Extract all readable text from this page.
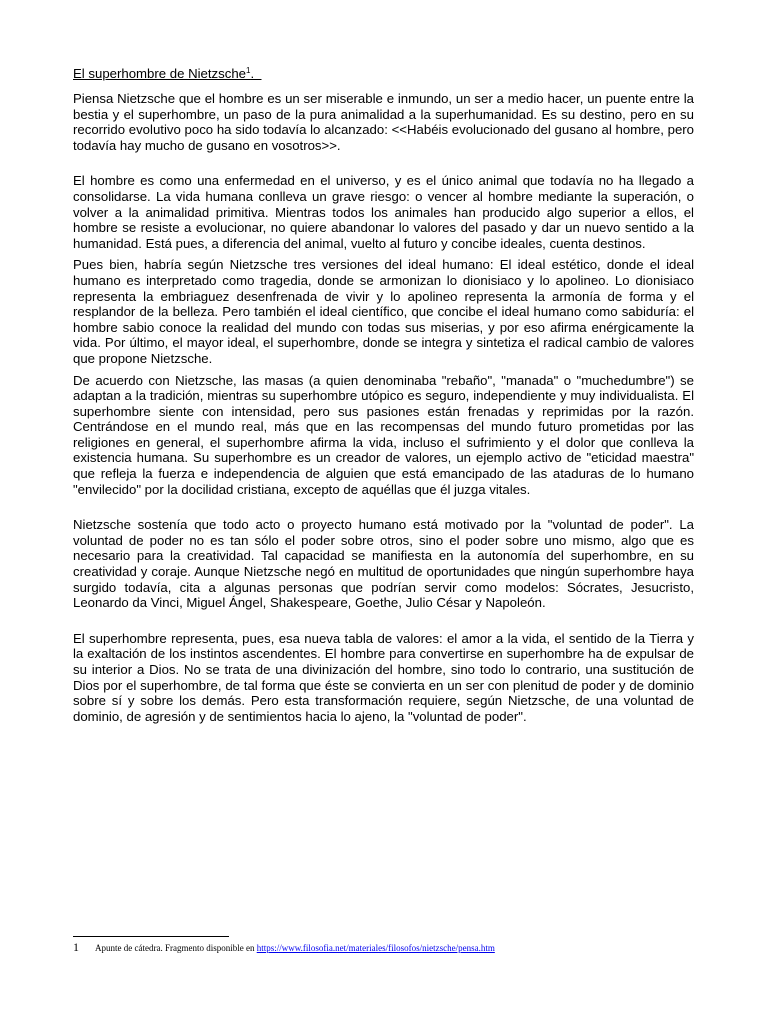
El superhombre de Nietzsche$^1$.

Piensa Nietzsche que el hombre es un ser miserable e inmundo, un ser a medio hacer, un puente entre la bestia y el superhombre, un paso de la pura animalidad a la superhumanidad. Es su destino, pero en su recorrido evolutivo poco ha sido todavía lo alcanzado: <<Habéis evolucionado del gusano al hombre, pero todavía hay mucho de gusano en vosotros>>.

El hombre es como una enfermedad en el universo, y es el único animal que todavía no ha llegado a consolidarse. La vida humana conlleva un grave riesgo: o vencer al hombre mediante la superación, o volver a la animalidad primitiva. Mientras todos los animales han producido algo superior a ellos, el hombre se resiste a evolucionar, no quiere abandonar lo valores del pasado y dar un nuevo sentido a la humanidad. Está pues, a diferencia del animal, vuelto al futuro y concibe ideales, cuenta destinos.

Pues bien, habría según Nietzsche tres versiones del ideal humano: El ideal estético, donde el ideal humano es interpretado como tragedia, donde se armonizan lo dionisiaco y lo apolineo. Lo dionisiaco representa la embriaguez desenfrenada de vivir y lo apolineo representa la armonía de forma y el resplandor de la belleza. Pero también el ideal científico, que concibe el ideal humano como sabiduría: el hombre sabio conoce la realidad del mundo con todas sus miserias, y por eso afirma enérgicamente la vida. Por último, el mayor ideal, el superhombre, donde se integra y sintetiza el radical cambio de valores que propone Nietzsche.

De acuerdo con Nietzsche, las masas (a quien denominaba "rebaño", "manada" o "muchedumbre") se adaptan a la tradición, mientras su superhombre utópico es seguro, independiente y muy individualista. El superhombre siente con intensidad, pero sus pasiones están frenadas y reprimidas por la razón. Centrándose en el mundo real, más que en las recompensas del mundo futuro prometidas por las religiones en general, el superhombre afirma la vida, incluso el sufrimiento y el dolor que conlleva la existencia humana. Su superhombre es un creador de valores, un ejemplo activo de "eticidad maestra" que refleja la fuerza e independencia de alguien que está emancipado de las ataduras de lo humano "envilecido" por la docilidad cristiana, excepto de aquéllas que él juzga vitales.

Nietzsche sostenía que todo acto o proyecto humano está motivado por la "voluntad de poder". La voluntad de poder no es tan sólo el poder sobre otros, sino el poder sobre uno mismo, algo que es necesario para la creatividad. Tal capacidad se manifiesta en la autonomía del superhombre, en su creatividad y coraje. Aunque Nietzsche negó en multitud de oportunidades que ningún superhombre haya surgido todavía, cita a algunas personas que podrían servir como modelos: Sócrates, Jesucristo, Leonardo da Vinci, Miguel Ángel, Shakespeare, Goethe, Julio César y Napoleón.

El superhombre representa, pues, esa nueva tabla de valores: el amor a la vida, el sentido de la Tierra y la exaltación de los instintos ascendentes. El hombre para convertirse en superhombre ha de expulsar de su interior a Dios. No se trata de una divinización del hombre, sino todo lo contrario, una sustitución de Dios por el superhombre, de tal forma que éste se convierta en un ser con plenitud de poder y de dominio sobre sí y sobre los demás. Pero esta transformación requiere, según Nietzsche, de una voluntad de dominio, de agresión y de sentimientos hacia lo ajeno, la "voluntad de poder".

1 Apunte de cátedra. Fragmento disponible en https://www.filosofia.net/materiales/filosofos/nietzsche/pensa.htm
